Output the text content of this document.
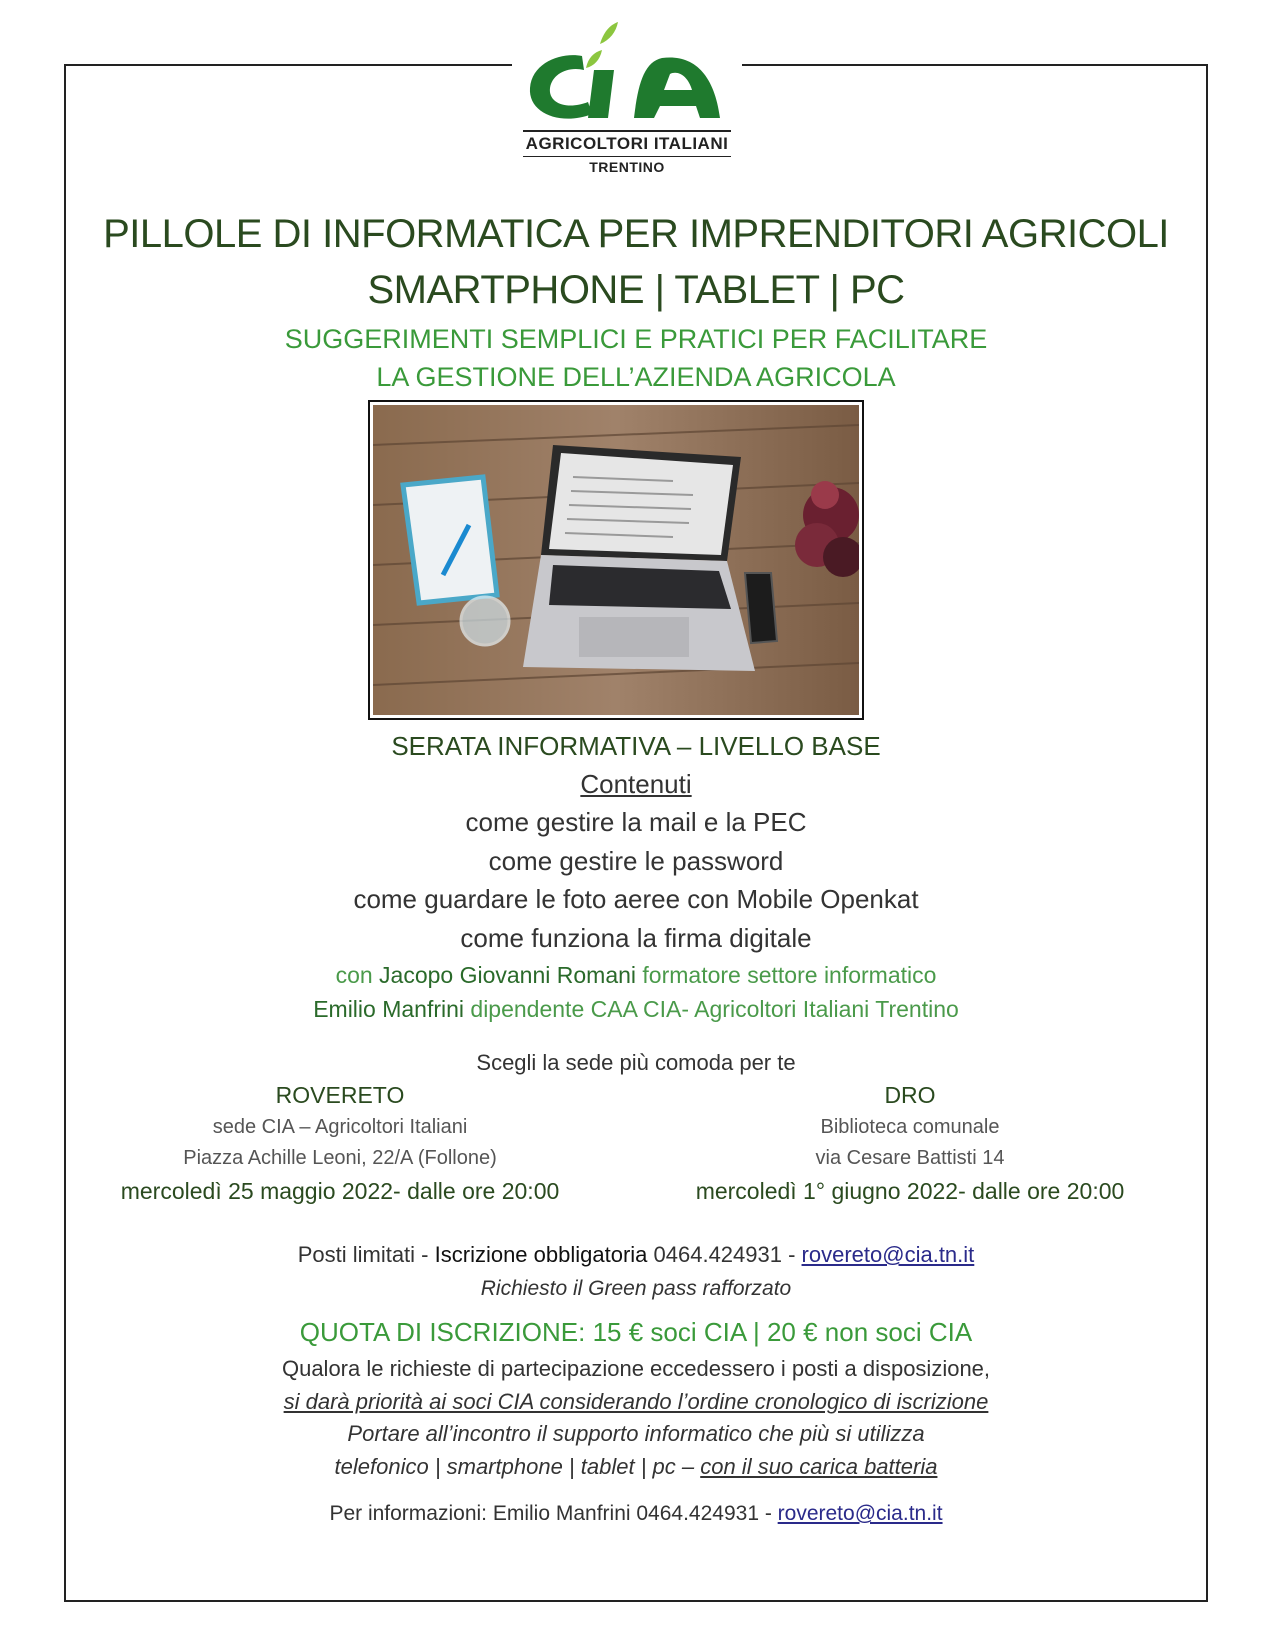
AGRICOLTORI ITALIANI
TRENTINO
PILLOLE DI INFORMATICA PER IMPRENDITORI AGRICOLI
SMARTPHONE | TABLET | PC
SUGGERIMENTI SEMPLICI E PRATICI PER FACILITARE
LA GESTIONE DELL’AZIENDA AGRICOLA
SERATA INFORMATIVA – LIVELLO BASE
Contenuti
come gestire la mail e la PEC
come gestire le password
come guardare le foto aeree con Mobile Openkat
come funziona la firma digitale
con Jacopo Giovanni Romani formatore settore informatico
Emilio Manfrini dipendente CAA CIA- Agricoltori Italiani Trentino
Scegli la sede più comoda per te
ROVERETO
sede CIA – Agricoltori Italiani
Piazza Achille Leoni, 22/A (Follone)
mercoledì 25 maggio 2022- dalle ore 20:00
DRO
Biblioteca comunale
via Cesare Battisti 14
mercoledì 1° giugno 2022- dalle ore 20:00
Posti limitati - Iscrizione obbligatoria 0464.424931 - rovereto@cia.tn.it
Richiesto il Green pass rafforzato
QUOTA DI ISCRIZIONE: 15 € soci CIA | 20 € non soci CIA
Qualora le richieste di partecipazione eccedessero i posti a disposizione,
si darà priorità ai soci CIA considerando l’ordine cronologico di iscrizione
Portare all’incontro il supporto informatico che più si utilizza
telefonico | smartphone | tablet | pc – con il suo carica batteria
Per informazioni: Emilio Manfrini 0464.424931 - rovereto@cia.tn.it
